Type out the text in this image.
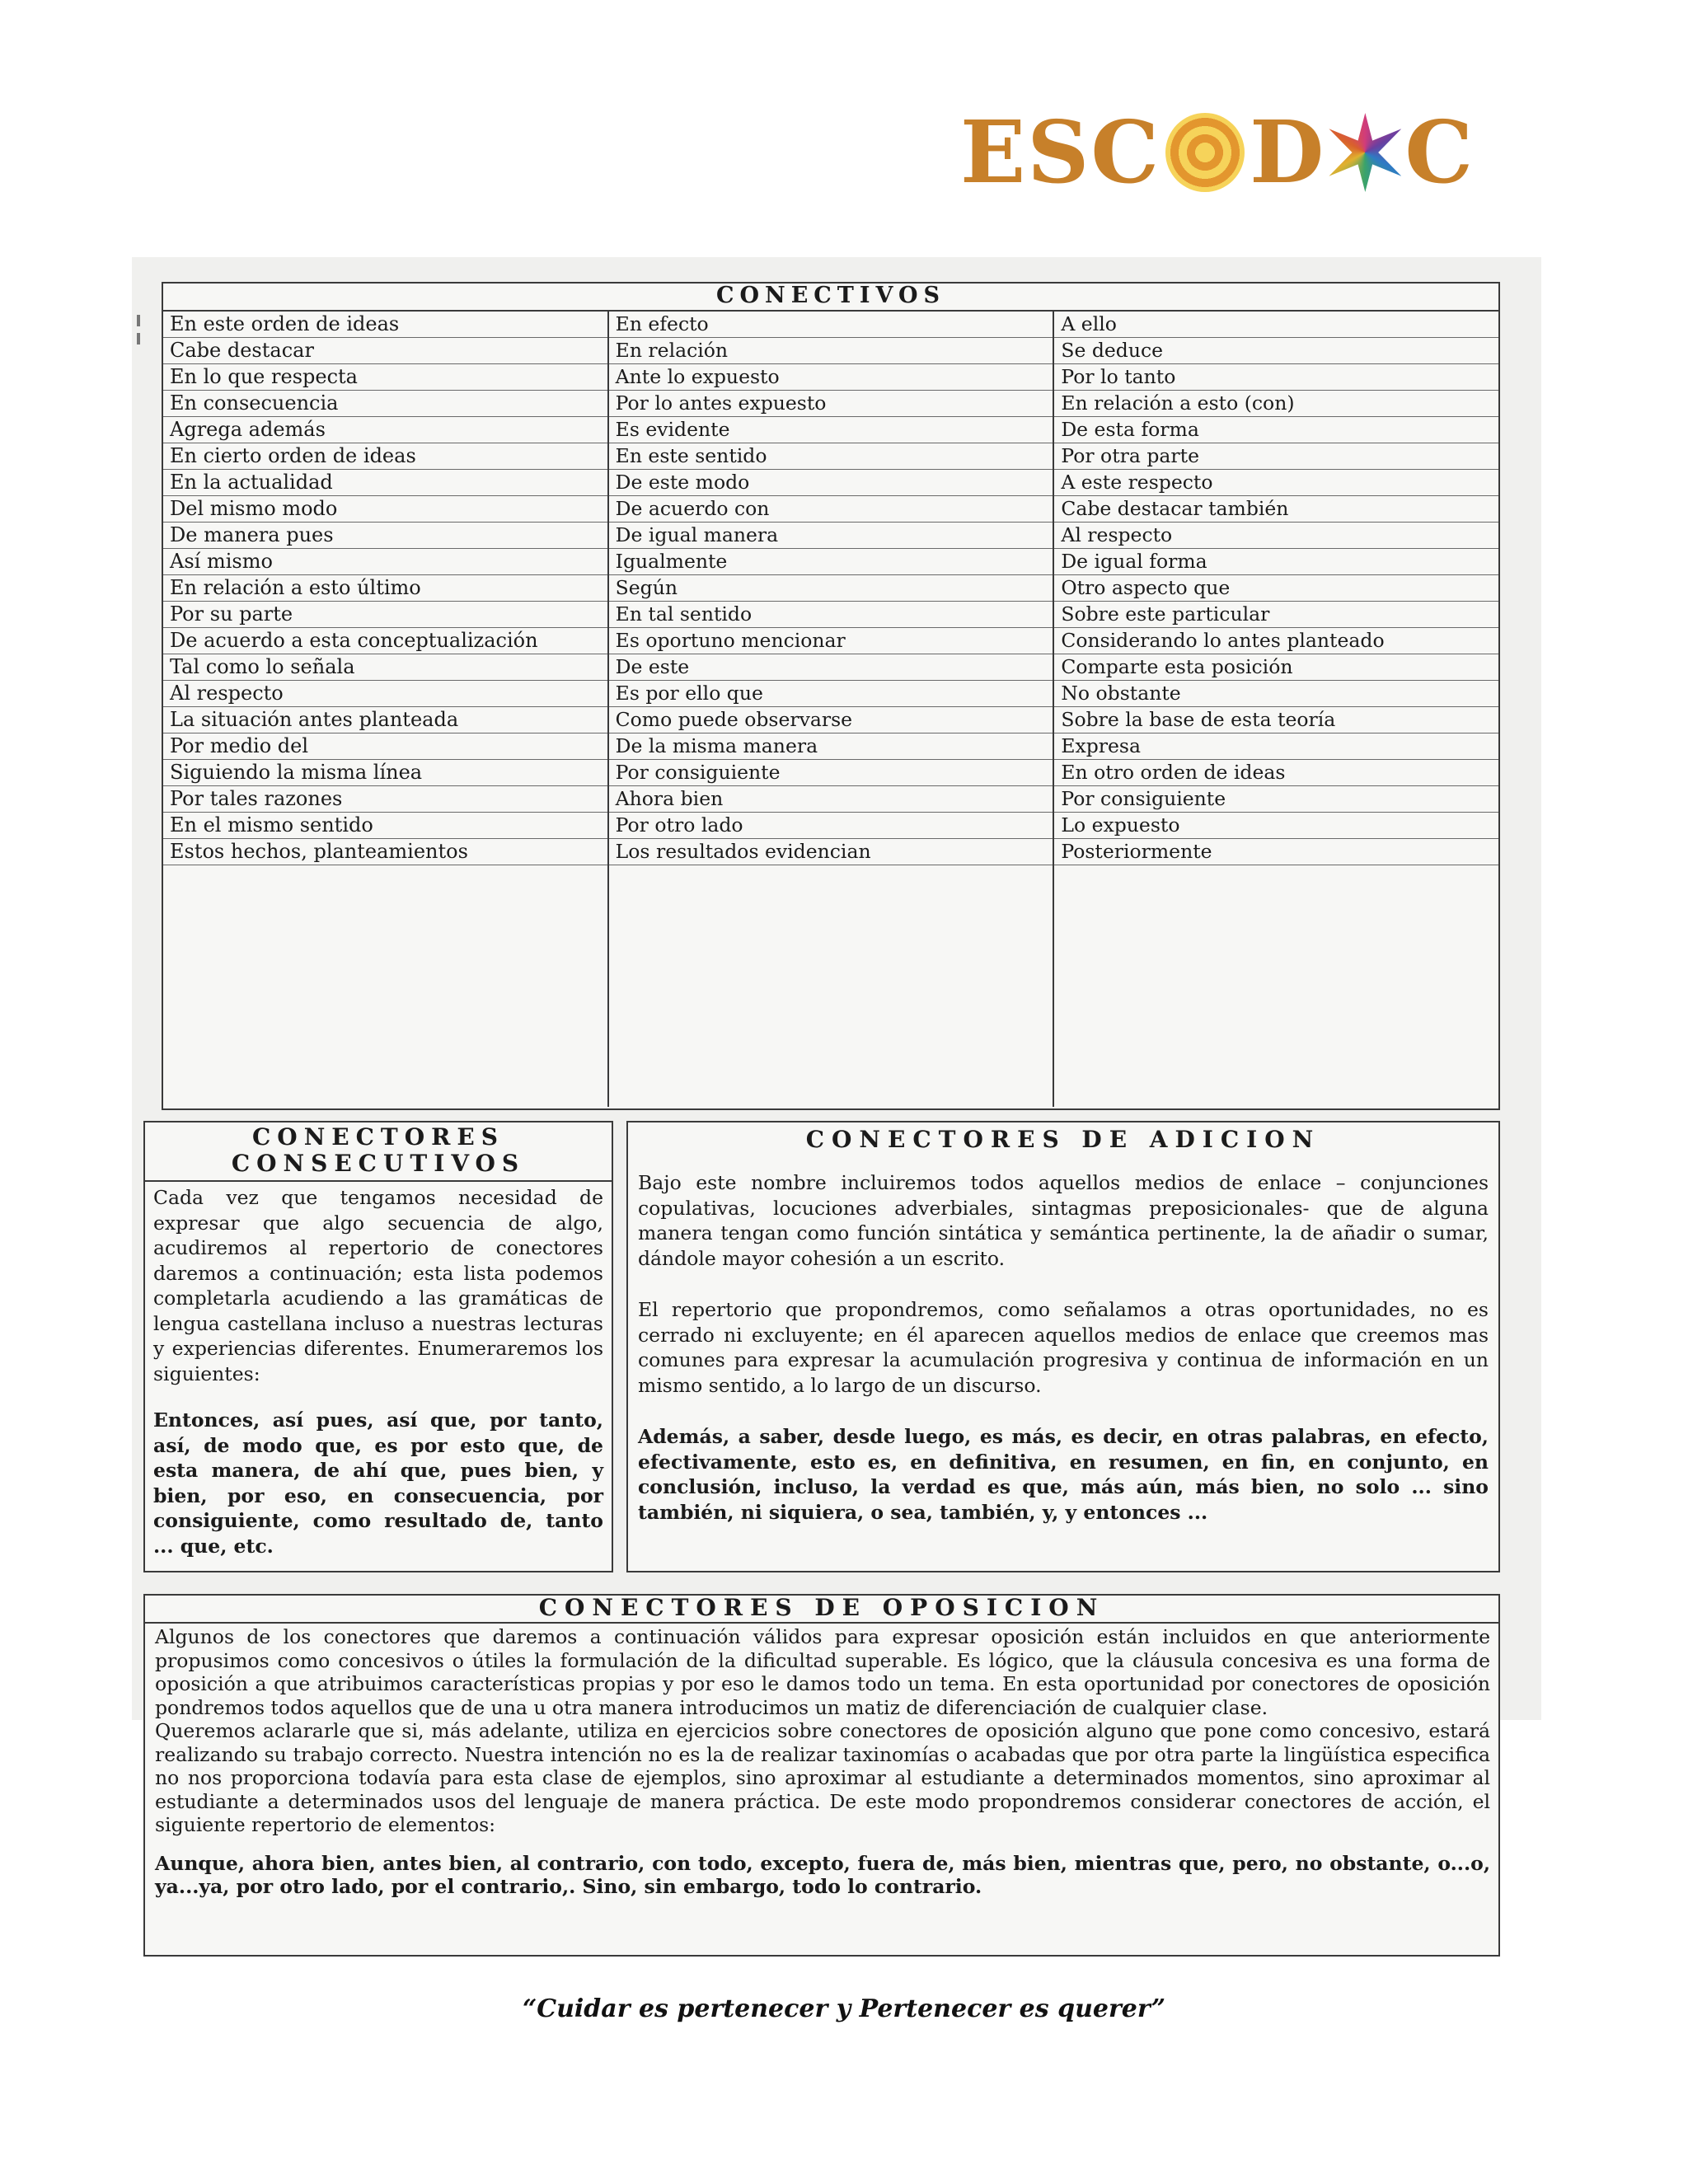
ESC D C
CONECTIVOS
En este orden de ideas
Cabe destacar
En lo que respecta
En consecuencia
Agrega además
En cierto orden de ideas
En la actualidad
Del mismo modo
De manera pues
Así mismo
En relación a esto último
Por su parte
De acuerdo a esta conceptualización
Tal como lo señala
Al respecto
La situación antes planteada
Por medio del
Siguiendo la misma línea
Por tales razones
En el mismo sentido
Estos hechos, planteamientos
En efecto
En relación
Ante lo expuesto
Por lo antes expuesto
Es evidente
En este sentido
De este modo
De acuerdo con
De igual manera
Igualmente
Según
En tal sentido
Es oportuno mencionar
De este
Es por ello que
Como puede observarse
De la misma manera
Por consiguiente
Ahora bien
Por otro lado
Los resultados evidencian
A ello
Se deduce
Por lo tanto
En relación a esto (con)
De esta forma
Por otra parte
A este respecto
Cabe destacar también
Al respecto
De igual forma
Otro aspecto que
Sobre este particular
Considerando lo antes planteado
Comparte esta posición
No obstante
Sobre la base de esta teoría
Expresa
En otro orden de ideas
Por consiguiente
Lo expuesto
Posteriormente
CONECTORES
CONSECUTIVOS

Cada vez que tengamos necesidad de expresar que algo secuencia de algo, acudiremos al repertorio de conectores daremos a continuación; esta lista podemos completarla acudiendo a las gramáticas de lengua castellana incluso a nuestras lecturas y experiencias diferentes. Enumeraremos los siguientes:

Entonces, así pues, así que, por tanto, así, de modo que, es por esto que, de esta manera, de ahí que, pues bien, y bien, por eso, en consecuencia, por consiguiente, como resultado de, tanto ... que, etc.

CONECTORES DE ADICION

Bajo este nombre incluiremos todos aquellos medios de enlace – conjunciones copulativas, locuciones adverbiales, sintagmas preposicionales- que de alguna manera tengan como función sintática y semántica pertinente, la de añadir o sumar, dándole mayor cohesión a un escrito.

El repertorio que propondremos, como señalamos a otras oportunidades, no es cerrado ni excluyente; en él aparecen aquellos medios de enlace que creemos mas comunes para expresar la acumulación progresiva y continua de información en un mismo sentido, a lo largo de un discurso.

Además, a saber, desde luego, es más, es decir, en otras palabras, en efecto, efectivamente, esto es, en definitiva, en resumen, en fin, en conjunto, en conclusión, incluso, la verdad es que, más aún, más bien, no solo ... sino también, ni siquiera, o sea, también, y, y entonces ...

CONECTORES DE OPOSICION

Algunos de los conectores que daremos a continuación válidos para expresar oposición están incluidos en que anteriormente propusimos como concesivos o útiles la formulación de la dificultad superable. Es lógico, que la cláusula concesiva es una forma de oposición a que atribuimos características propias y por eso le damos todo un tema. En esta oportunidad por conectores de oposición pondremos todos aquellos que de una u otra manera introducimos un matiz de diferenciación de cualquier clase.

Queremos aclararle que si, más adelante, utiliza en ejercicios sobre conectores de oposición alguno que pone como concesivo, estará realizando su trabajo correcto. Nuestra intención no es la de realizar taxinomías o acabadas que por otra parte la lingüística especifica no nos proporciona todavía para esta clase de ejemplos, sino aproximar al estudiante a determinados momentos, sino aproximar al estudiante a determinados usos del lenguaje de manera práctica. De este modo propondremos considerar conectores de acción, el siguiente repertorio de elementos:

Aunque, ahora bien, antes bien, al contrario, con todo, excepto, fuera de, más bien, mientras que, pero, no obstante, o...o, ya...ya, por otro lado, por el contrario,. Sino, sin embargo, todo lo contrario.

“Cuidar es pertenecer y Pertenecer es querer”
